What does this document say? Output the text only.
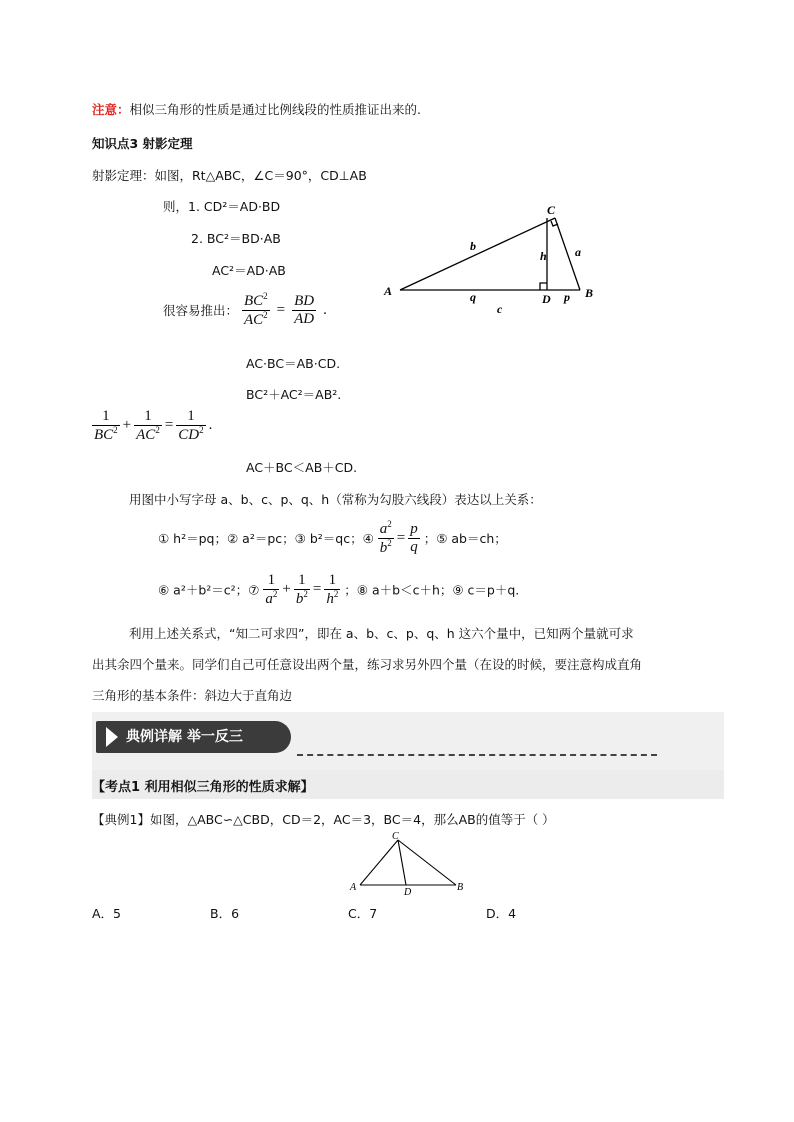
注意：相似三角形的性质是通过比例线段的性质推证出来的.
知识点3 射影定理
射影定理：如图，Rt△ABC，∠C＝90°，CD⊥AB
则，1. CD²＝AD·BD
2. BC²＝BD·AB
AC²＝AD·AB
很容易推出： $\frac{BC^2}{AC^2} = \frac{BD}{AD}$ .
AC·BC＝AB·CD.
BC²＋AC²＝AB².
$\frac{1}{BC^2} + \frac{1}{AC^2} = \frac{1}{CD^2}$ .
AC＋BC＜AB＋CD.
用图中小写字母 a、b、c、p、q、h（常称为勾股六线段）表达以上关系：
① h²＝pq；② a²＝pc；③ b²＝qc；④ $\frac{a^2}{b^2} = \frac{p}{q}$ ；⑤ ab＝ch；
⑥ a²＋b²＝c²；⑦ $\frac{1}{a^2} + \frac{1}{b^2} = \frac{1}{h^2}$ ；⑧ a＋b＜c＋h；⑨ c＝p＋q.
利用上述关系式，“知二可求四”，即在 a、b、c、p、q、h 这六个量中，已知两个量就可求
出其余四个量来。同学们自己可任意设出两个量，练习求另外四个量（在设的时候，要注意构成直角
三角形的基本条件：斜边大于直角边
典例详解 举一反三
【考点1 利用相似三角形的性质求解】
【典例1】如图，△ABC∽△CBD，CD＝2，AC＝3，BC＝4，那么AB的值等于（ ）
A．5	B．6	C．7	D．4
A	B
C
D
b	a
h
q	p
c
A	B
C
D
